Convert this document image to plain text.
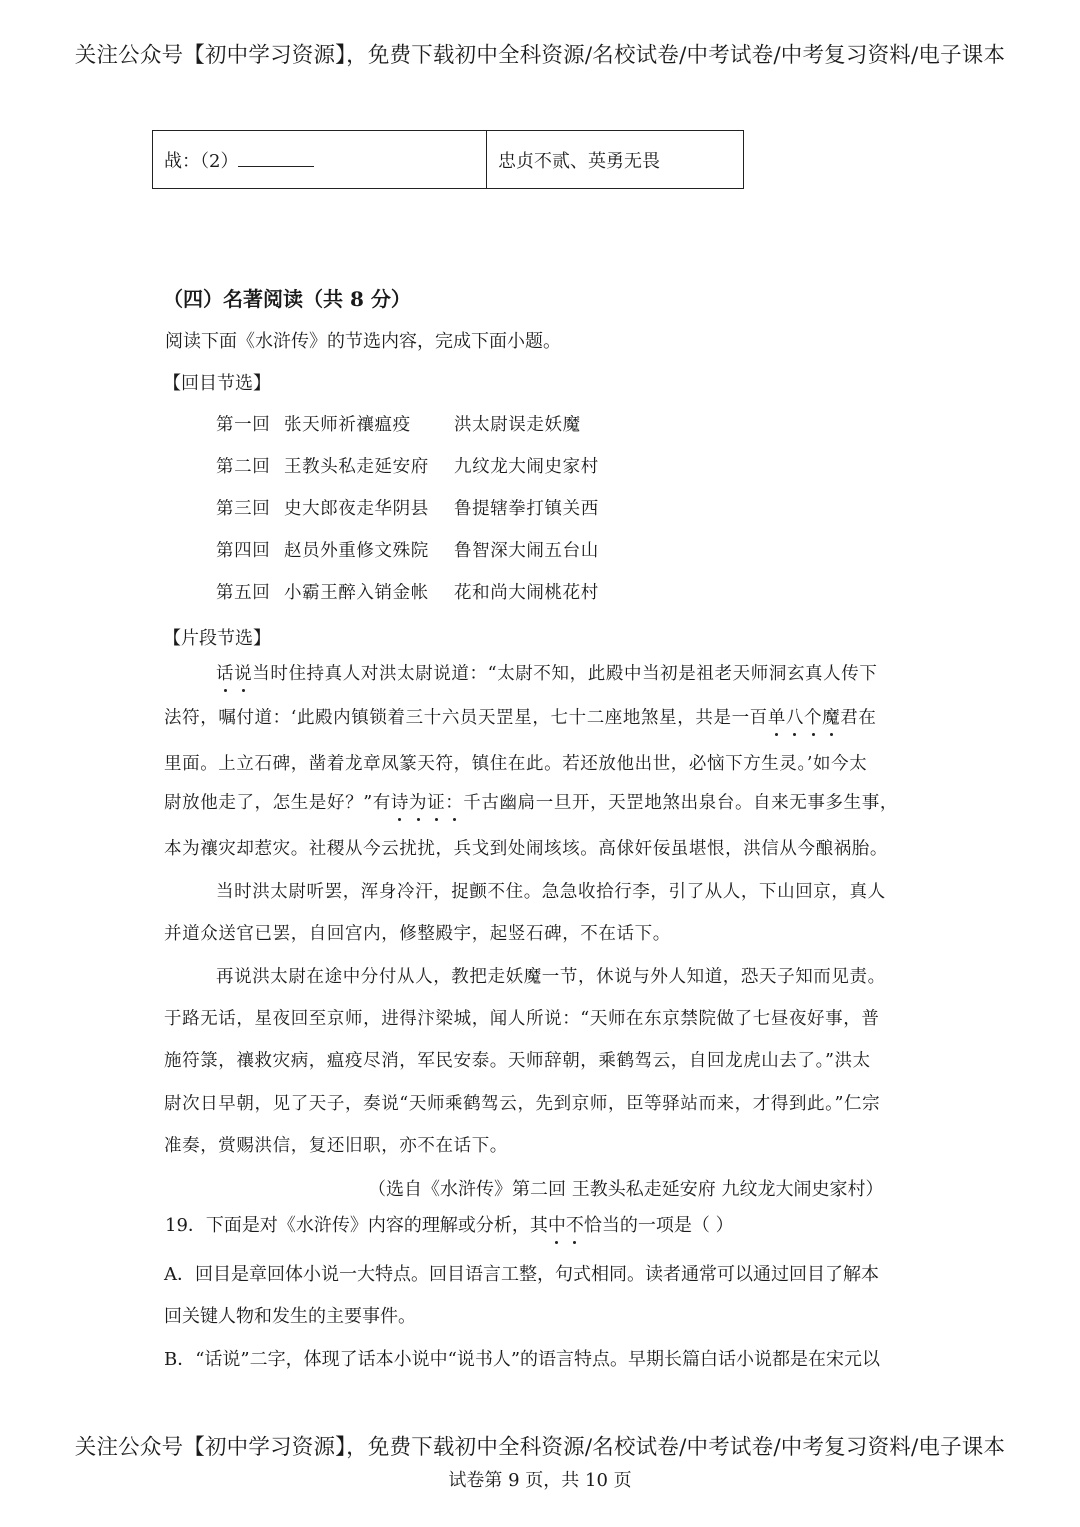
关注公众号【初中学习资源】，免费下载初中全科资源/名校试卷/中考试卷/中考复习资料/电子课本
战：（2）	忠贞不贰、英勇无畏
（四）名著阅读（共 8 分）
阅读下面《水浒传》的节选内容，完成下面小题。
【回目节选】
第一回 张天师祈禳瘟疫 洪太尉误走妖魔
第二回 王教头私走延安府 九纹龙大闹史家村
第三回 史大郎夜走华阴县 鲁提辖拳打镇关西
第四回 赵员外重修文殊院 鲁智深大闹五台山
第五回 小霸王醉入销金帐 花和尚大闹桃花村
【片段节选】
话说当时住持真人对洪太尉说道：“太尉不知，此殿中当初是祖老天师洞玄真人传下
法符，嘱付道：‘此殿内镇锁着三十六员天罡星，七十二座地煞星，共是一百单八个魔君在
里面。上立石碑，凿着龙章凤篆天符，镇住在此。若还放他出世，必恼下方生灵。’如今太
尉放他走了，怎生是好？”有诗为证：千古幽扃一旦开，天罡地煞出泉台。自来无事多生事，
本为禳灾却惹灾。社稷从今云扰扰，兵戈到处闹垓垓。高俅奸佞虽堪恨，洪信从今酿祸胎。
当时洪太尉听罢，浑身冷汗，捉颤不住。急急收拾行李，引了从人，下山回京，真人
并道众送官已罢，自回宫内，修整殿宇，起竖石碑，不在话下。
再说洪太尉在途中分付从人，教把走妖魔一节，休说与外人知道，恐天子知而见责。
于路无话，星夜回至京师，进得汴梁城，闻人所说：“天师在东京禁院做了七昼夜好事，普
施符箓，禳救灾病，瘟疫尽消，军民安泰。天师辞朝，乘鹤驾云，自回龙虎山去了。”洪太
尉次日早朝，见了天子，奏说“天师乘鹤驾云，先到京师，臣等驿站而来，才得到此。”仁宗
准奏，赏赐洪信，复还旧职，亦不在话下。
（选自《水浒传》第二回 王教头私走延安府 九纹龙大闹史家村）
19．下面是对《水浒传》内容的理解或分析，其中不恰当的一项是（ ）
A．回目是章回体小说一大特点。回目语言工整，句式相同。读者通常可以通过回目了解本
回关键人物和发生的主要事件。
B．“话说”二字，体现了话本小说中“说书人”的语言特点。早期长篇白话小说都是在宋元以
关注公众号【初中学习资源】，免费下载初中全科资源/名校试卷/中考试卷/中考复习资料/电子课本
试卷第 9 页，共 10 页
